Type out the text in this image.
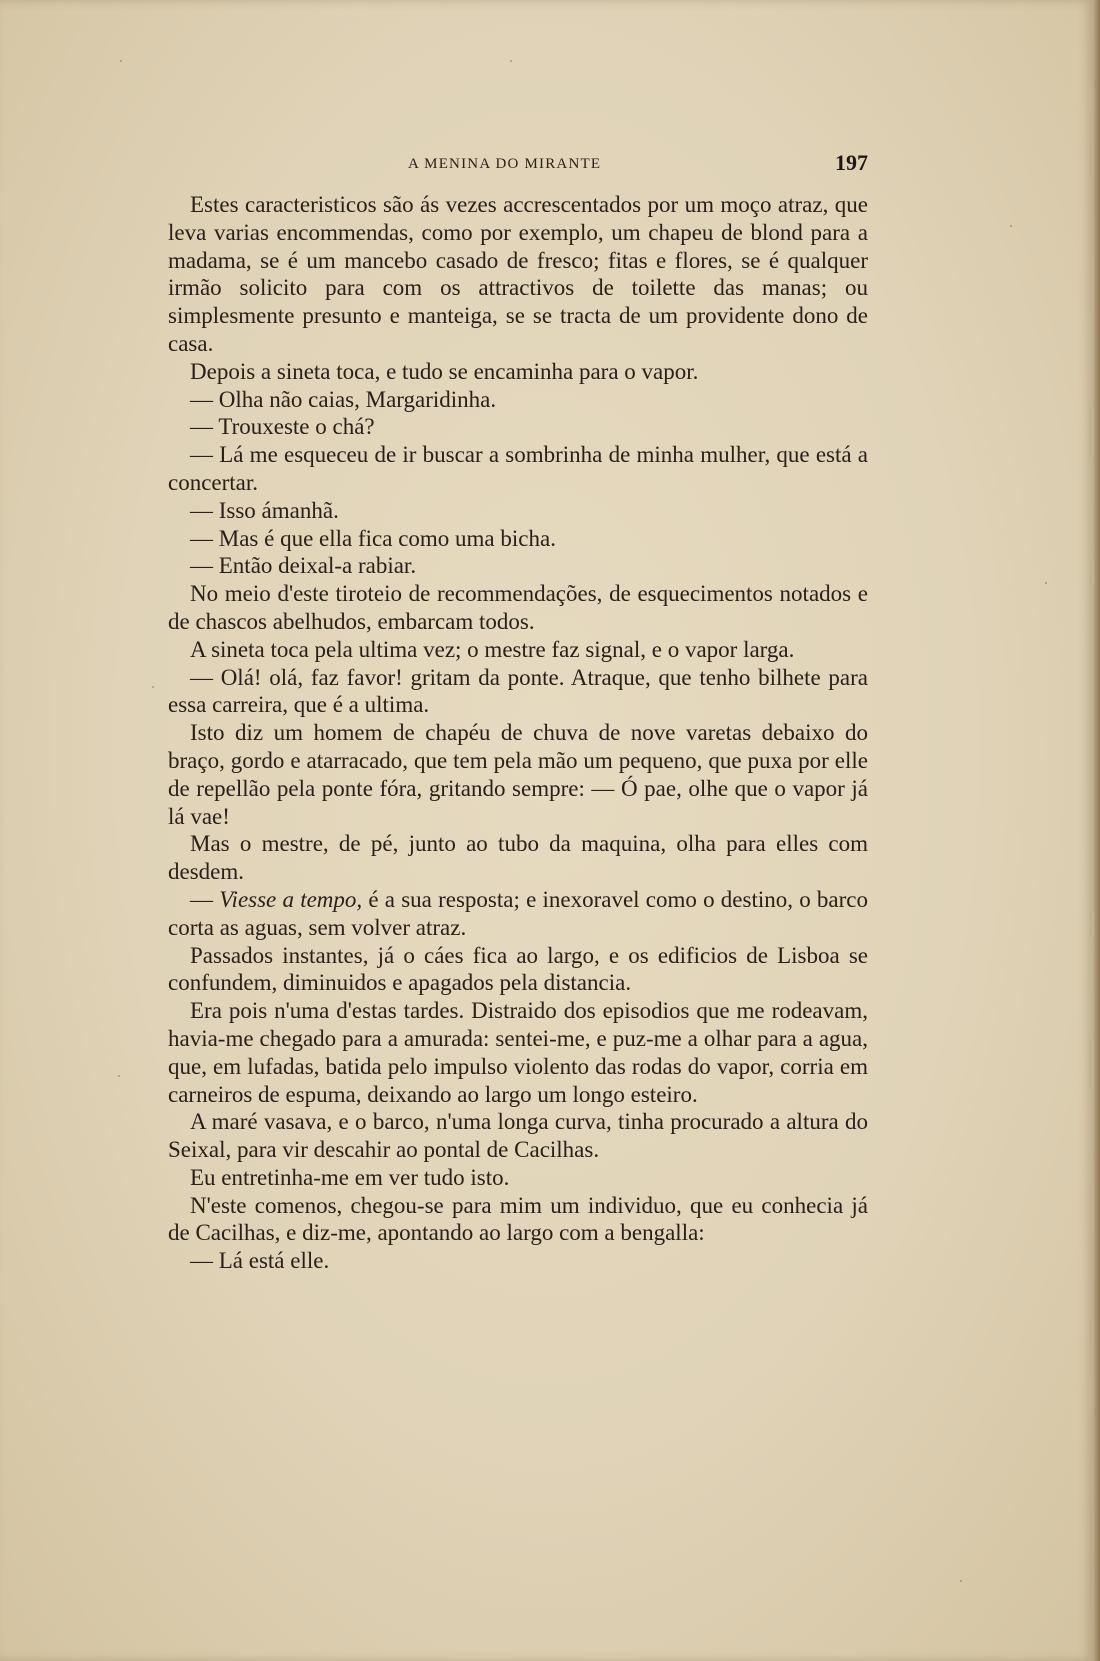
A MENINA DO MIRANTE	197

Estes caracteristicos são ás vezes accrescentados por um moço atraz, que leva varias encommendas, como por exemplo, um chapeu de blond para a madama, se é um mancebo casado de fresco; fitas e flores, se é qualquer irmão solicito para com os attractivos de toilette das manas; ou simplesmente presunto e manteiga, se se tracta de um providente dono de casa.

Depois a sineta toca, e tudo se encaminha para o vapor.

— Olha não caias, Margaridinha.

— Trouxeste o chá?

— Lá me esqueceu de ir buscar a sombrinha de minha mulher, que está a concertar.

— Isso ámanhã.

— Mas é que ella fica como uma bicha.

— Então deixal-a rabiar.

No meio d'este tiroteio de recommendações, de esquecimentos notados e de chascos abelhudos, embarcam todos.

A sineta toca pela ultima vez; o mestre faz signal, e o vapor larga.

— Olá! olá, faz favor! gritam da ponte. Atraque, que tenho bilhete para essa carreira, que é a ultima.

Isto diz um homem de chapéu de chuva de nove varetas debaixo do braço, gordo e atarracado, que tem pela mão um pequeno, que puxa por elle de repellão pela ponte fóra, gritando sempre: — Ó pae, olhe que o vapor já lá vae!

Mas o mestre, de pé, junto ao tubo da maquina, olha para elles com desdem.

— Viesse a tempo, é a sua resposta; e inexoravel como o destino, o barco corta as aguas, sem volver atraz.

Passados instantes, já o cáes fica ao largo, e os edificios de Lisboa se confundem, diminuidos e apagados pela distancia.

Era pois n'uma d'estas tardes. Distraido dos episodios que me rodeavam, havia-me chegado para a amurada: sentei-me, e puz-me a olhar para a agua, que, em lufadas, batida pelo impulso violento das rodas do vapor, corria em carneiros de espuma, deixando ao largo um longo esteiro.

A maré vasava, e o barco, n'uma longa curva, tinha procurado a altura do Seixal, para vir descahir ao pontal de Cacilhas.

Eu entretinha-me em ver tudo isto.

N'este comenos, chegou-se para mim um individuo, que eu conhecia já de Cacilhas, e diz-me, apontando ao largo com a bengalla:

— Lá está elle.
